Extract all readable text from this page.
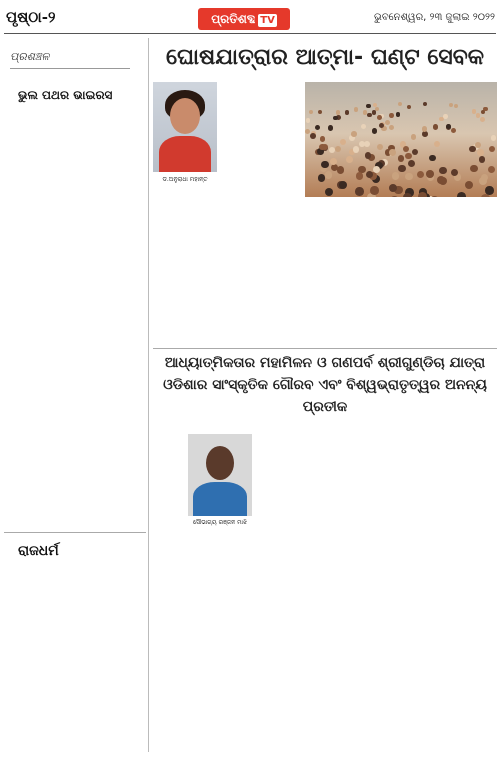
ପୃଷ୍ଠା-୨	ପ୍ରତିଶବ୍ଦ TV	ଭୁବନେଶ୍ୱର, ୨୩ ଜୁଲାଇ ୨୦୨୨
ପ୍ରଶଞ୍ଚଳ
ଭୁଲ ପଥର ଭାଇରସ
ରାଜଧର୍ମ
ଘୋଷଯାତ୍ରାର ଆତ୍ମା- ଘଣ୍ଟ ସେବକ
ଡ.ଅନୁରାଧା ମହାନ୍ତ
ଆଧ୍ୟାତ୍ମିକତାର ମହାମିଳନ ଓ ଗଣପର୍ବ ଶ୍ରୀଗୁଣ୍ଡିଚା ଯାତ୍ରା
ଓଡିଶାର ସାଂସ୍କୃତିକ ଗୌରବ ଏବଂ ବିଶ୍ୱଭ୍ରାତୃତ୍ୱର ଅନନ୍ୟ ପ୍ରତୀକ
ସୌଭାଗ୍ୟ ରଞ୍ଜନ ମାଝି
